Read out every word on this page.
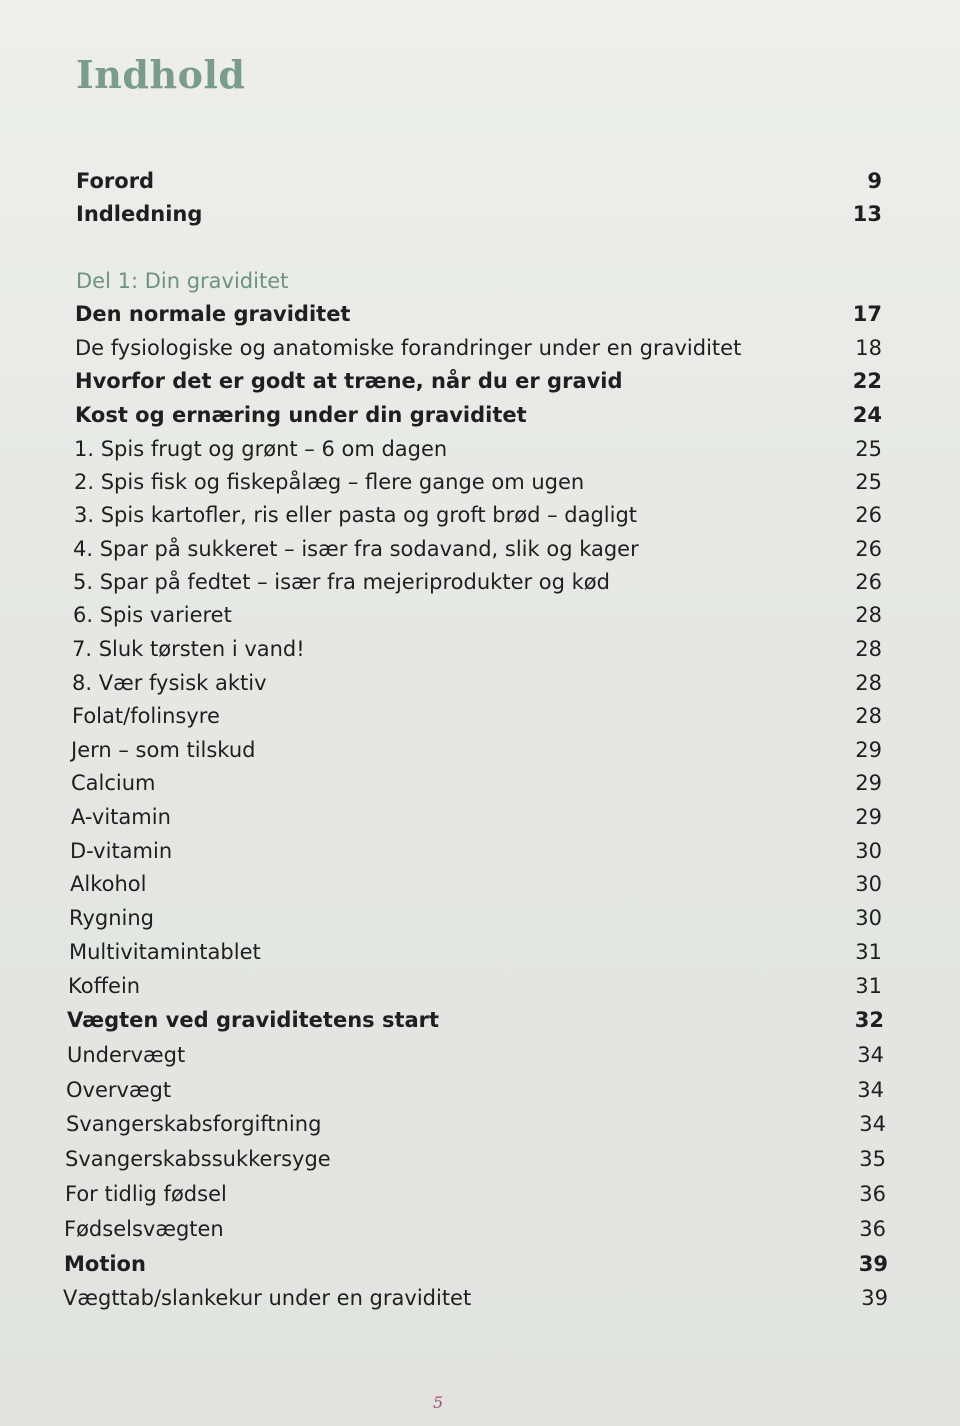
Indhold
Forord	9
Indledning	13
Del 1: Din graviditet
Den normale graviditet	17
De fysiologiske og anatomiske forandringer under en graviditet	18
Hvorfor det er godt at træne, når du er gravid	22
Kost og ernæring under din graviditet	24
1. Spis frugt og grønt – 6 om dagen	25
2. Spis fisk og fiskepålæg – flere gange om ugen	25
3. Spis kartofler, ris eller pasta og groft brød – dagligt	26
4. Spar på sukkeret – især fra sodavand, slik og kager	26
5. Spar på fedtet – især fra mejeriprodukter og kød	26
6. Spis varieret	28
7. Sluk tørsten i vand!	28
8. Vær fysisk aktiv	28
Folat/folinsyre	28
Jern – som tilskud	29
Calcium	29
A-vitamin	29
D-vitamin	30
Alkohol	30
Rygning	30
Multivitamintablet	31
Koffein	31
Vægten ved graviditetens start	32
Undervægt	34
Overvægt	34
Svangerskabsforgiftning	34
Svangerskabssukkersyge	35
For tidlig fødsel	36
Fødselsvægten	36
Motion	39
Vægttab/slankekur under en graviditet	39
5
